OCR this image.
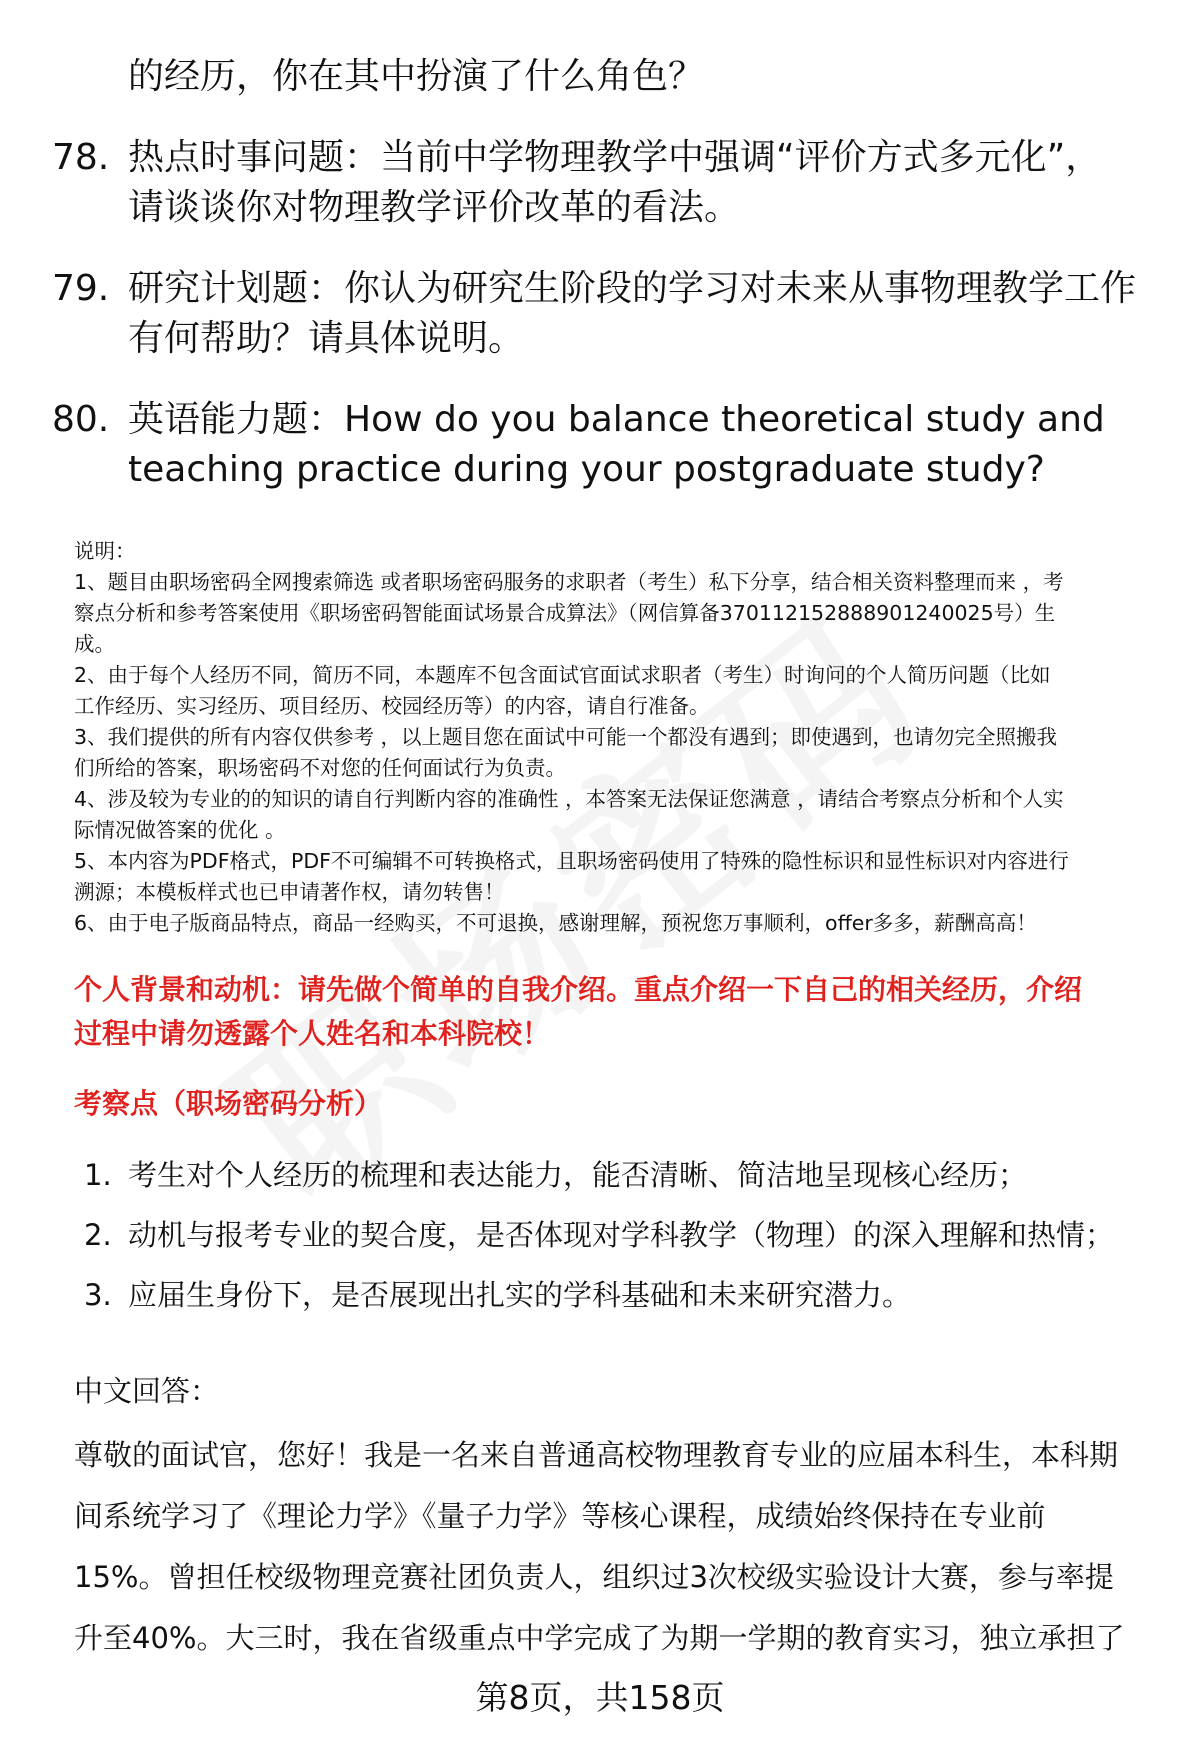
的经历，你在其中扮演了什么角色？
78. 热点时事问题：当前中学物理教学中强调“评价方式多元化”，
请谈谈你对物理教学评价改革的看法。
79. 研究计划题：你认为研究生阶段的学习对未来从事物理教学工作
有何帮助？请具体说明。
80. 英语能力题：How do you balance theoretical study and
teaching practice during your postgraduate study?

说明：

1、题目由职场密码全网搜索筛选 或者职场密码服务的求职者（考生）私下分享，结合相关资料整理而来 ，考

察点分析和参考答案使用《职场密码智能面试场景合成算法》（网信算备370112152888901240025号）生

成。

2、由于每个人经历不同，简历不同，本题库不包含面试官面试求职者（考生）时询问的个人简历问题（比如

工作经历、实习经历、项目经历、校园经历等）的内容，请自行准备。

3、我们提供的所有内容仅供参考 ，以上题目您在面试中可能一个都没有遇到；即使遇到，也请勿完全照搬我

们所给的答案，职场密码不对您的任何面试行为负责。

4、涉及较为专业的的知识的请自行判断内容的准确性 ，本答案无法保证您满意 ，请结合考察点分析和个人实

际情况做答案的优化 。

5、本内容为PDF格式，PDF不可编辑不可转换格式，且职场密码使用了特殊的隐性标识和显性标识对内容进行

溯源；本模板样式也已申请著作权，请勿转售！

6、由于电子版商品特点，商品一经购买，不可退换，感谢理解，预祝您万事顺利，offer多多，薪酬高高！

个人背景和动机：请先做个简单的自我介绍。重点介绍一下自己的相关经历，介绍
过程中请勿透露个人姓名和本科院校！
考察点（职场密码分析）
1. 考生对个人经历的梳理和表达能力，能否清晰、简洁地呈现核心经历；
2. 动机与报考专业的契合度，是否体现对学科教学（物理）的深入理解和热情；
3. 应届生身份下，是否展现出扎实的学科基础和未来研究潜力。
中文回答：

尊敬的面试官，您好！我是一名来自普通高校物理教育专业的应届本科生，本科期

间系统学习了《理论力学》《量子力学》等核心课程，成绩始终保持在专业前

15%。曾担任校级物理竞赛社团负责人，组织过3次校级实验设计大赛，参与率提

升至40%。大三时，我在省级重点中学完成了为期一学期的教育实习，独立承担了

第8页，共158页
